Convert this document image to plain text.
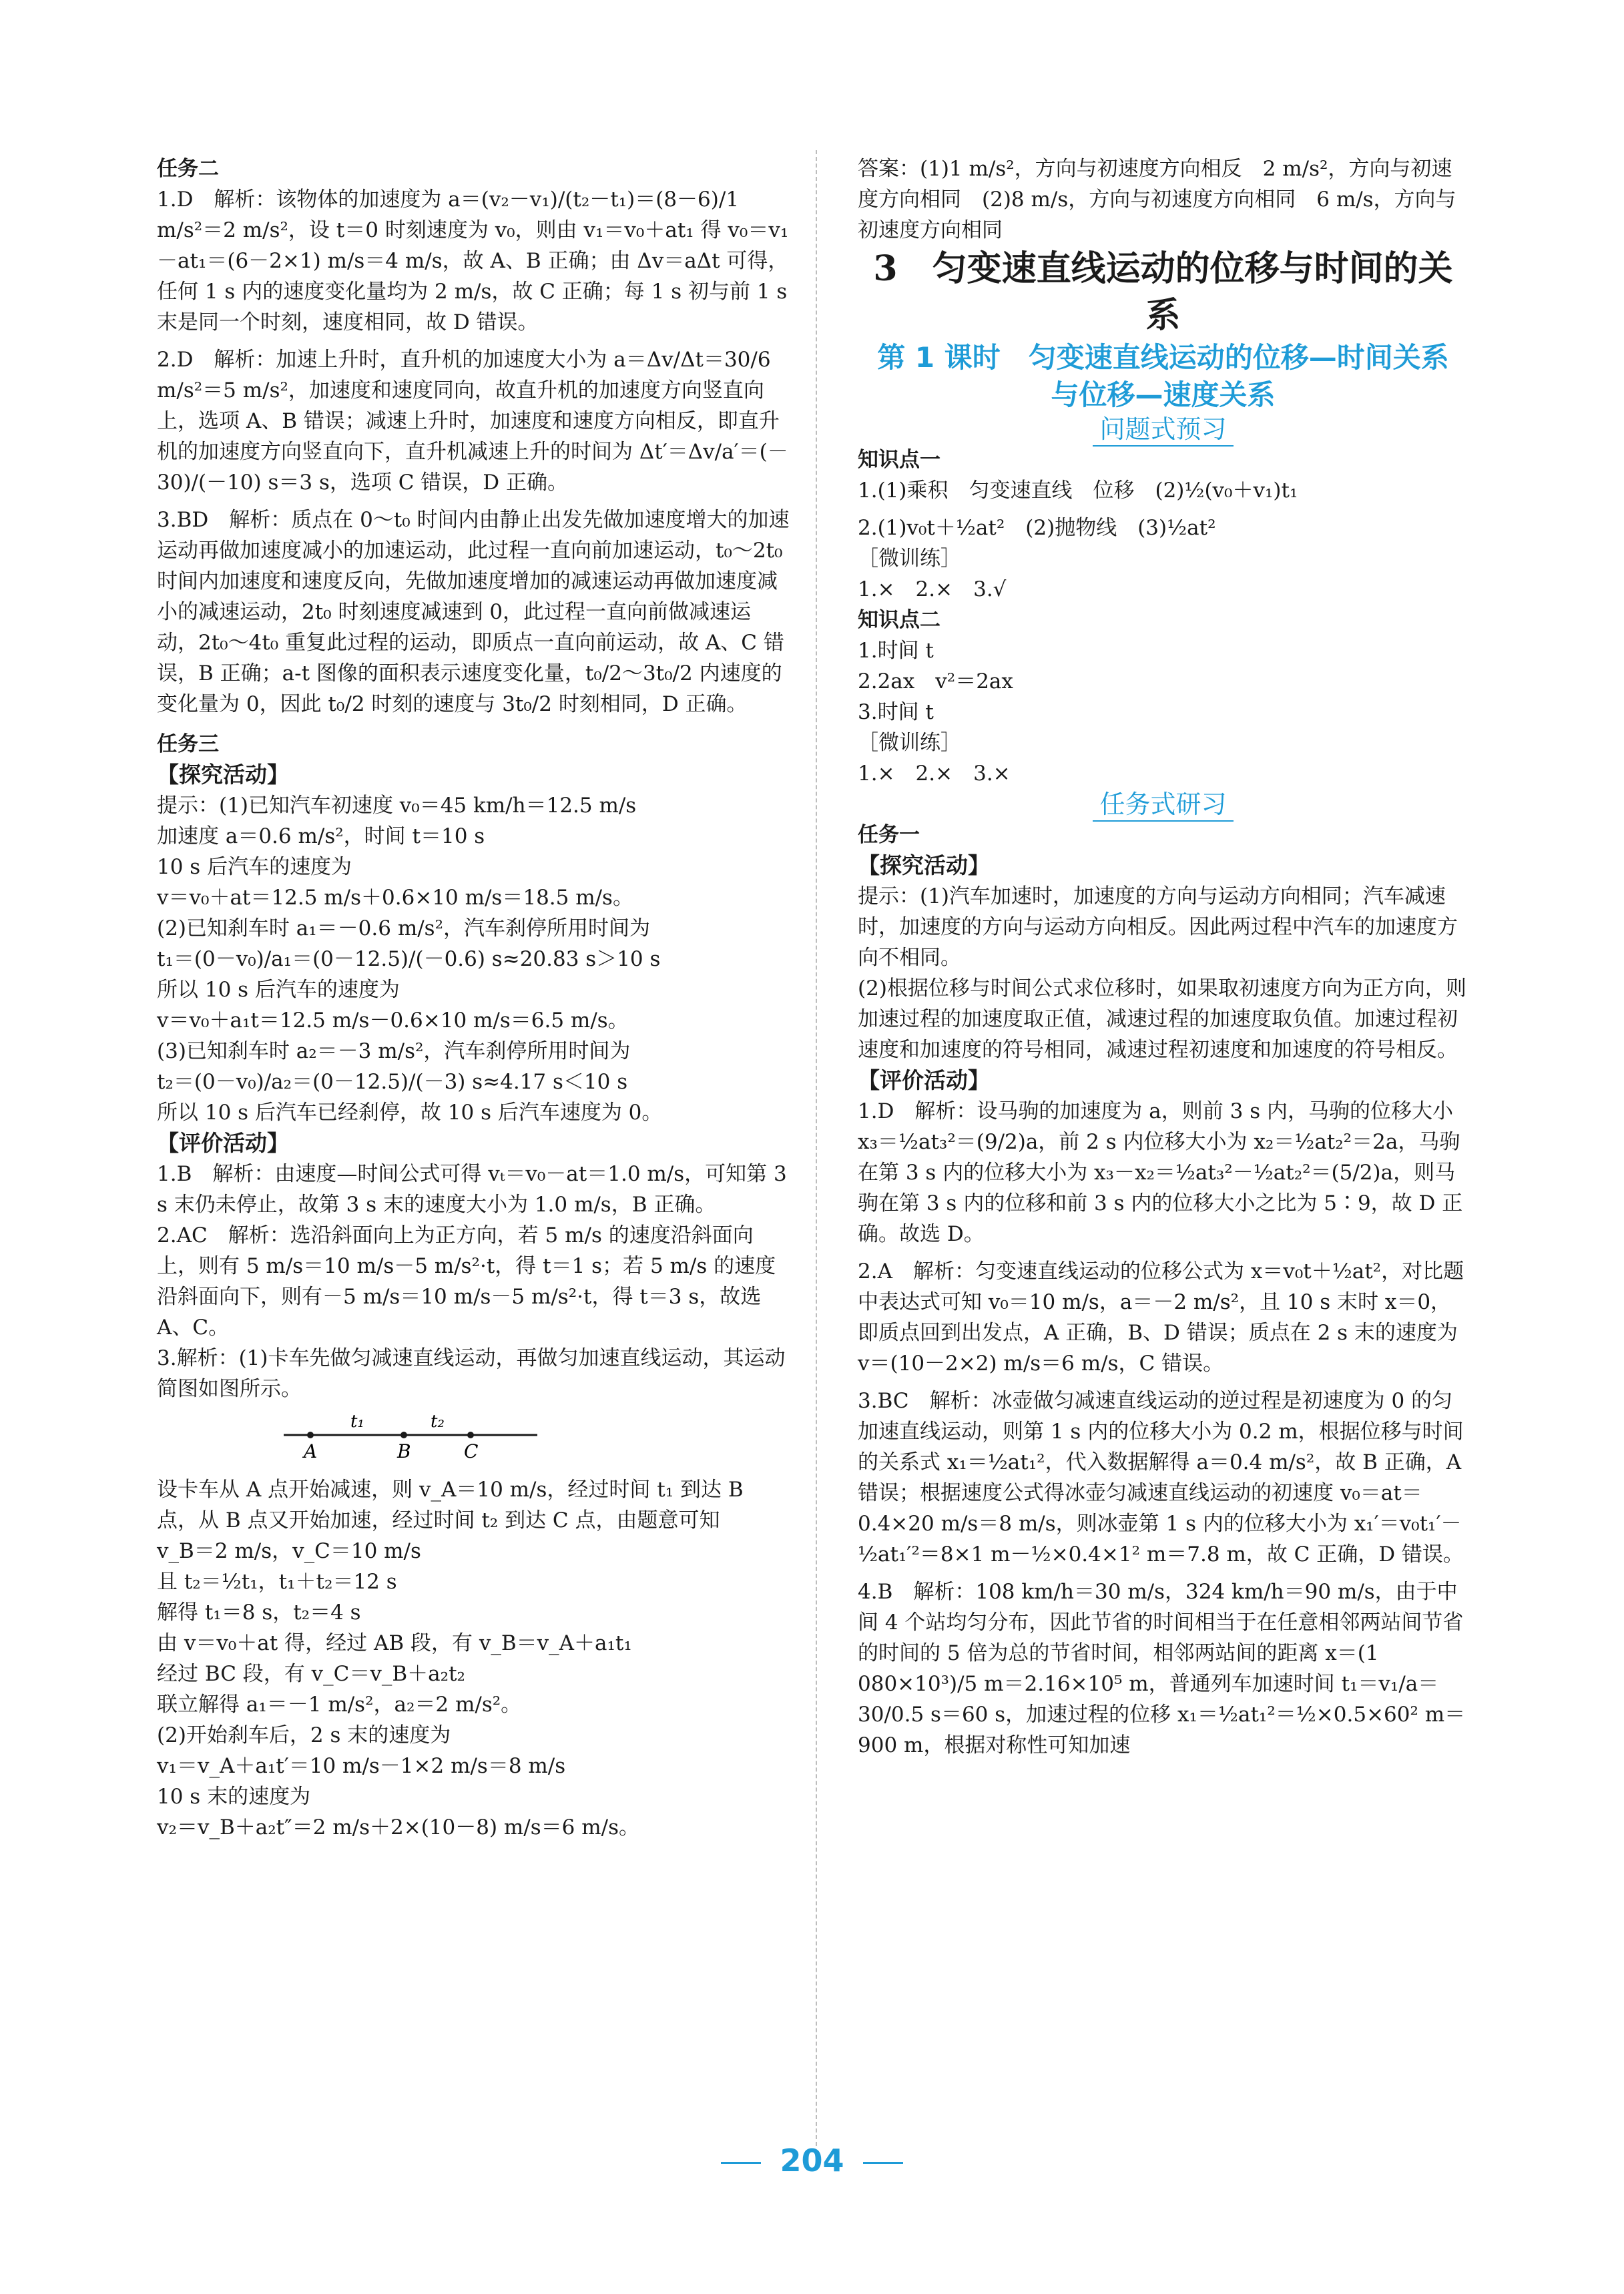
任务二

1.D　解析：该物体的加速度为 a＝(v₂－v₁)/(t₂－t₁)＝(8－6)/1 m/s²＝2 m/s²，设 t＝0 时刻速度为 v₀，则由 v₁＝v₀＋at₁ 得 v₀＝v₁－at₁＝(6－2×1) m/s＝4 m/s，故 A、B 正确；由 Δv＝aΔt 可得，任何 1 s 内的速度变化量均为 2 m/s，故 C 正确；每 1 s 初与前 1 s 末是同一个时刻，速度相同，故 D 错误。

2.D　解析：加速上升时，直升机的加速度大小为 a＝Δv/Δt＝30/6 m/s²＝5 m/s²，加速度和速度同向，故直升机的加速度方向竖直向上，选项 A、B 错误；减速上升时，加速度和速度方向相反，即直升机的加速度方向竖直向下，直升机减速上升的时间为 Δt′＝Δv/a′＝(－30)/(－10) s＝3 s，选项 C 错误，D 正确。

3.BD　解析：质点在 0～t₀ 时间内由静止出发先做加速度增大的加速运动再做加速度减小的加速运动，此过程一直向前加速运动，t₀～2t₀ 时间内加速度和速度反向，先做加速度增加的减速运动再做加速度减小的减速运动，2t₀ 时刻速度减速到 0，此过程一直向前做减速运动，2t₀～4t₀ 重复此过程的运动，即质点一直向前运动，故 A、C 错误，B 正确；a-t 图像的面积表示速度变化量，t₀/2～3t₀/2 内速度的变化量为 0，因此 t₀/2 时刻的速度与 3t₀/2 时刻相同，D 正确。

任务三

【探究活动】

提示：(1)已知汽车初速度 v₀＝45 km/h＝12.5 m/s

加速度 a＝0.6 m/s²，时间 t＝10 s

10 s 后汽车的速度为

v＝v₀＋at＝12.5 m/s＋0.6×10 m/s＝18.5 m/s。

(2)已知刹车时 a₁＝－0.6 m/s²，汽车刹停所用时间为

t₁＝(0－v₀)/a₁＝(0－12.5)/(－0.6) s≈20.83 s＞10 s

所以 10 s 后汽车的速度为

v＝v₀＋a₁t＝12.5 m/s－0.6×10 m/s＝6.5 m/s。

(3)已知刹车时 a₂＝－3 m/s²，汽车刹停所用时间为

t₂＝(0－v₀)/a₂＝(0－12.5)/(－3) s≈4.17 s＜10 s

所以 10 s 后汽车已经刹停，故 10 s 后汽车速度为 0。

【评价活动】

1.B　解析：由速度—时间公式可得 vₜ＝v₀－at＝1.0 m/s，可知第 3 s 末仍未停止，故第 3 s 末的速度大小为 1.0 m/s，B 正确。

2.AC　解析：选沿斜面向上为正方向，若 5 m/s 的速度沿斜面向上，则有 5 m/s＝10 m/s－5 m/s²·t，得 t＝1 s；若 5 m/s 的速度沿斜面向下，则有－5 m/s＝10 m/s－5 m/s²·t，得 t＝3 s，故选 A、C。

3.解析：(1)卡车先做匀减速直线运动，再做匀加速直线运动，其运动简图如图所示。

t₁	t₂
A	B	C

设卡车从 A 点开始减速，则 v_A＝10 m/s，经过时间 t₁ 到达 B 点，从 B 点又开始加速，经过时间 t₂ 到达 C 点，由题意可知

v_B＝2 m/s，v_C＝10 m/s

且 t₂＝½t₁，t₁＋t₂＝12 s

解得 t₁＝8 s，t₂＝4 s

由 v＝v₀＋at 得，经过 AB 段，有 v_B＝v_A＋a₁t₁

经过 BC 段，有 v_C＝v_B＋a₂t₂

联立解得 a₁＝－1 m/s²，a₂＝2 m/s²。

(2)开始刹车后，2 s 末的速度为

v₁＝v_A＋a₁t′＝10 m/s－1×2 m/s＝8 m/s

10 s 末的速度为

v₂＝v_B＋a₂t″＝2 m/s＋2×(10－8) m/s＝6 m/s。

答案：(1)1 m/s²，方向与初速度方向相反　2 m/s²，方向与初速度方向相同　(2)8 m/s，方向与初速度方向相同　6 m/s，方向与初速度方向相同

3　匀变速直线运动的位移与时间的关系

第 1 课时　匀变速直线运动的位移—时间关系

与位移—速度关系

问题式预习

知识点一

1.(1)乘积　匀变速直线　位移　(2)½(v₀＋v₁)t₁

2.(1)v₀t＋½at²　(2)抛物线　(3)½at²

［微训练］

1.×　2.×　3.√

知识点二

1.时间 t

2.2ax　v²＝2ax

3.时间 t

［微训练］

1.×　2.×　3.×

任务式研习

任务一

【探究活动】

提示：(1)汽车加速时，加速度的方向与运动方向相同；汽车减速时，加速度的方向与运动方向相反。因此两过程中汽车的加速度方向不相同。

(2)根据位移与时间公式求位移时，如果取初速度方向为正方向，则加速过程的加速度取正值，减速过程的加速度取负值。加速过程初速度和加速度的符号相同，减速过程初速度和加速度的符号相反。

【评价活动】

1.D　解析：设马驹的加速度为 a，则前 3 s 内，马驹的位移大小 x₃＝½at₃²＝(9/2)a，前 2 s 内位移大小为 x₂＝½at₂²＝2a，马驹在第 3 s 内的位移大小为 x₃－x₂＝½at₃²－½at₂²＝(5/2)a，则马驹在第 3 s 内的位移和前 3 s 内的位移大小之比为 5∶9，故 D 正确。故选 D。

2.A　解析：匀变速直线运动的位移公式为 x＝v₀t＋½at²，对比题中表达式可知 v₀＝10 m/s，a＝－2 m/s²，且 10 s 末时 x＝0，即质点回到出发点，A 正确，B、D 错误；质点在 2 s 末的速度为 v＝(10－2×2) m/s＝6 m/s，C 错误。

3.BC　解析：冰壶做匀减速直线运动的逆过程是初速度为 0 的匀加速直线运动，则第 1 s 内的位移大小为 0.2 m，根据位移与时间的关系式 x₁＝½at₁²，代入数据解得 a＝0.4 m/s²，故 B 正确，A 错误；根据速度公式得冰壶匀减速直线运动的初速度 v₀＝at＝0.4×20 m/s＝8 m/s，则冰壶第 1 s 内的位移大小为 x₁′＝v₀t₁′－½at₁′²＝8×1 m－½×0.4×1² m＝7.8 m，故 C 正确，D 错误。

4.B　解析：108 km/h＝30 m/s，324 km/h＝90 m/s，由于中间 4 个站均匀分布，因此节省的时间相当于在任意相邻两站间节省的时间的 5 倍为总的节省时间，相邻两站间的距离 x＝(1 080×10³)/5 m＝2.16×10⁵ m，普通列车加速时间 t₁＝v₁/a＝30/0.5 s＝60 s，加速过程的位移 x₁＝½at₁²＝½×0.5×60² m＝900 m，根据对称性可知加速

204
